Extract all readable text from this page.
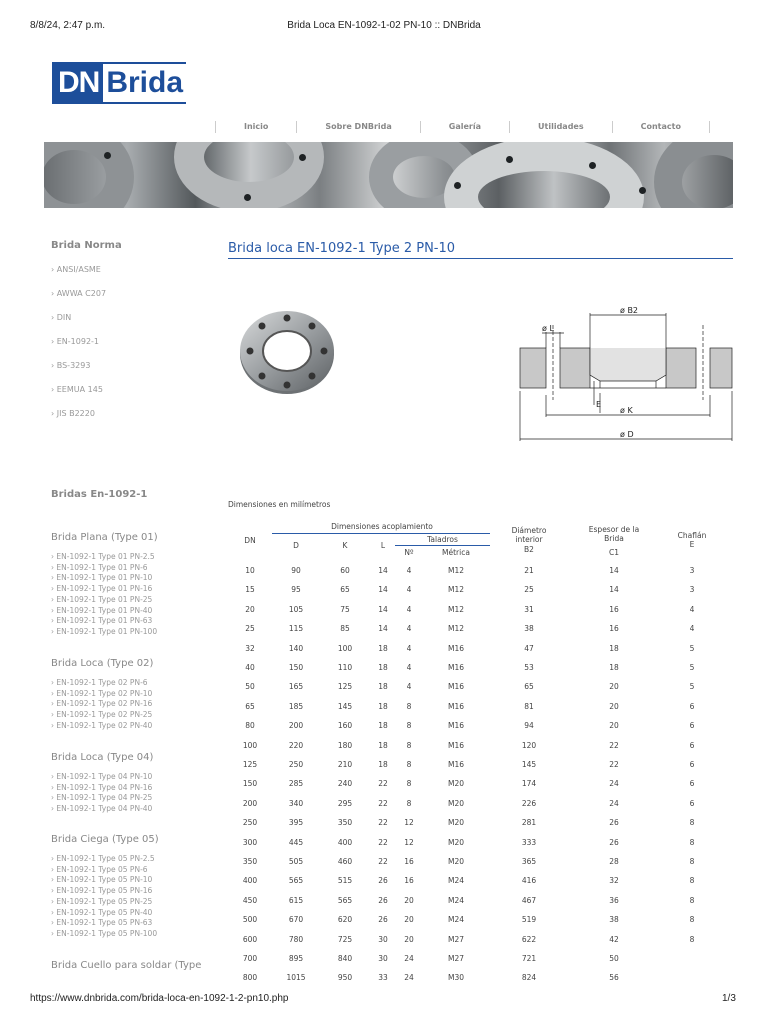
8/8/24, 2:47 p.m.	Brida Loca EN-1092-1-02 PN-10 :: DNBrida
DN Brida
Inicio	Sobre DNBrida	Galería	Utilidades	Contacto
Brida Norma
› ANSI/ASME
› AWWA C207
› DIN
› EN-1092-1
› BS-3293
› EEMUA 145
› JIS B2220
Bridas En-1092-1
Brida Plana (Type 01)
› EN-1092-1 Type 01 PN-2.5
› EN-1092-1 Type 01 PN-6
› EN-1092-1 Type 01 PN-10
› EN-1092-1 Type 01 PN-16
› EN-1092-1 Type 01 PN-25
› EN-1092-1 Type 01 PN-40
› EN-1092-1 Type 01 PN-63
› EN-1092-1 Type 01 PN-100
Brida Loca (Type 02)
› EN-1092-1 Type 02 PN-6
› EN-1092-1 Type 02 PN-10
› EN-1092-1 Type 02 PN-16
› EN-1092-1 Type 02 PN-25
› EN-1092-1 Type 02 PN-40
Brida Loca (Type 04)
› EN-1092-1 Type 04 PN-10
› EN-1092-1 Type 04 PN-16
› EN-1092-1 Type 04 PN-25
› EN-1092-1 Type 04 PN-40
Brida Ciega (Type 05)
› EN-1092-1 Type 05 PN-2.5
› EN-1092-1 Type 05 PN-6
› EN-1092-1 Type 05 PN-10
› EN-1092-1 Type 05 PN-16
› EN-1092-1 Type 05 PN-25
› EN-1092-1 Type 05 PN-40
› EN-1092-1 Type 05 PN-63
› EN-1092-1 Type 05 PN-100
Brida Cuello para soldar (Type
Brida loca EN-1092-1 Type 2 PN-10
ø L
ø B2
E
ø K
ø D
Dimensiones en milímetros
DN
Dimensiones acoplamiento
Taladros
D	K	L
Nº	Métrica
Diámetro interior
B2
Espesor de la Brida
C1
Chaflán
E
10	90	60	14	4	M12	21	14	3
15	95	65	14	4	M12	25	14	3
20	105	75	14	4	M12	31	16	4
25	115	85	14	4	M12	38	16	4
32	140	100	18	4	M16	47	18	5
40	150	110	18	4	M16	53	18	5
50	165	125	18	4	M16	65	20	5
65	185	145	18	8	M16	81	20	6
80	200	160	18	8	M16	94	20	6
100	220	180	18	8	M16	120	22	6
125	250	210	18	8	M16	145	22	6
150	285	240	22	8	M20	174	24	6
200	340	295	22	8	M20	226	24	6
250	395	350	22	12	M20	281	26	8
300	445	400	22	12	M20	333	26	8
350	505	460	22	16	M20	365	28	8
400	565	515	26	16	M24	416	32	8
450	615	565	26	20	M24	467	36	8
500	670	620	26	20	M24	519	38	8
600	780	725	30	20	M27	622	42	8
700	895	840	30	24	M27	721	50
800	1015	950	33	24	M30	824	56
https://www.dnbrida.com/brida-loca-en-1092-1-2-pn10.php	1/3
